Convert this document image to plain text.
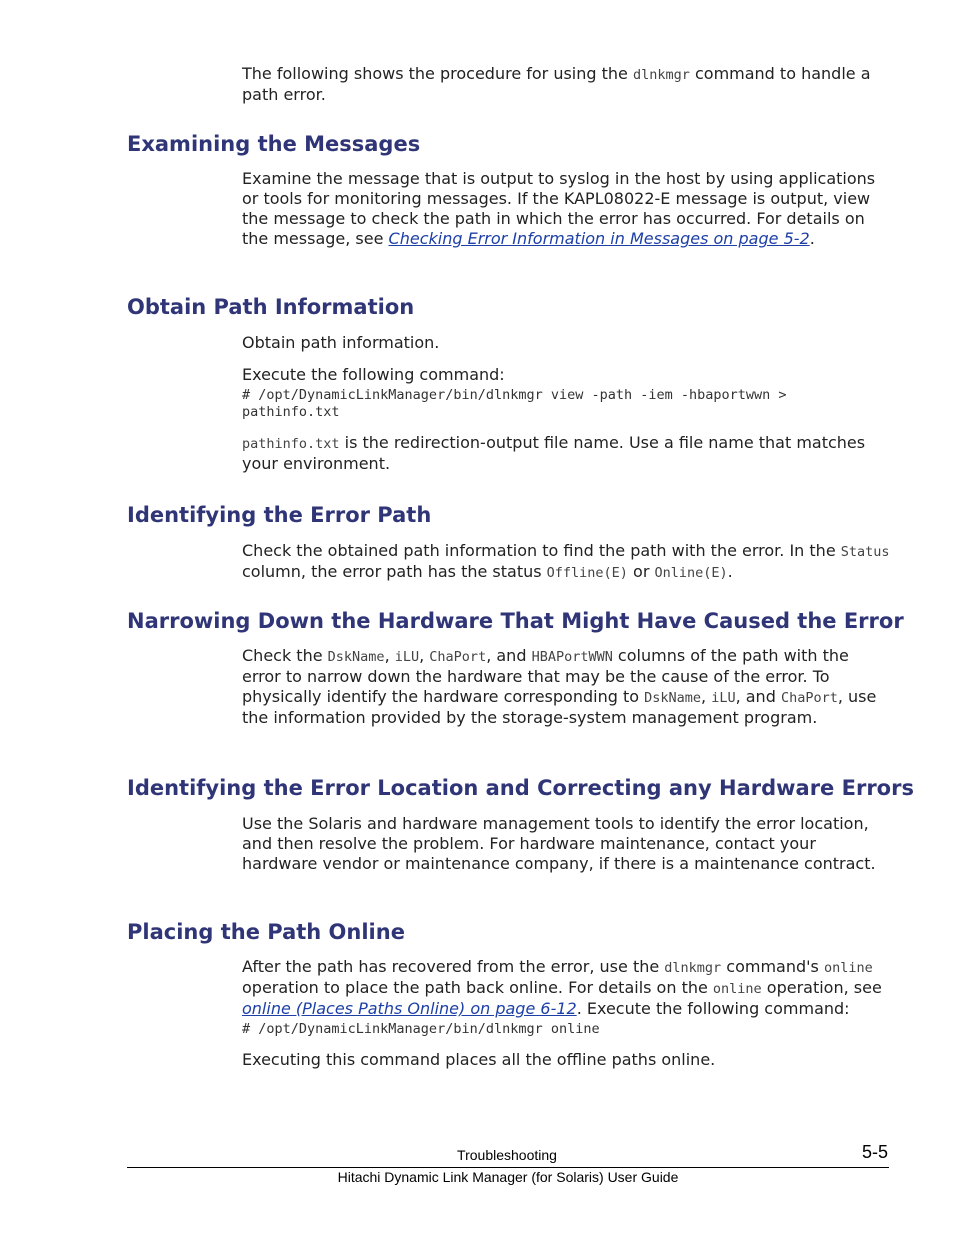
The following shows the procedure for using the dlnkmgr command to handle a path error.

Examining the Messages

Examine the message that is output to syslog in the host by using applications or tools for monitoring messages. If the KAPL08022-E message is output, view the message to check the path in which the error has occurred. For details on the message, see Checking Error Information in Messages on page 5-2.

Obtain Path Information

Obtain path information.

Execute the following command:

# /opt/DynamicLinkManager/bin/dlnkmgr view -path -iem -hbaportwwn > pathinfo.txt

pathinfo.txt is the redirection-output file name. Use a file name that matches your environment.

Identifying the Error Path

Check the obtained path information to find the path with the error. In the Status column, the error path has the status Offline(E) or Online(E).

Narrowing Down the Hardware That Might Have Caused the Error

Check the DskName, iLU, ChaPort, and HBAPortWWN columns of the path with the error to narrow down the hardware that may be the cause of the error. To physically identify the hardware corresponding to DskName, iLU, and ChaPort, use the information provided by the storage-system management program.

Identifying the Error Location and Correcting any Hardware Errors

Use the Solaris and hardware management tools to identify the error location, and then resolve the problem. For hardware maintenance, contact your hardware vendor or maintenance company, if there is a maintenance contract.

Placing the Path Online

After the path has recovered from the error, use the dlnkmgr command's online operation to place the path back online. For details on the online operation, see online (Places Paths Online) on page 6-12. Execute the following command:

# /opt/DynamicLinkManager/bin/dlnkmgr online

Executing this command places all the offline paths online.

Troubleshooting	5-5
Hitachi Dynamic Link Manager (for Solaris) User Guide
